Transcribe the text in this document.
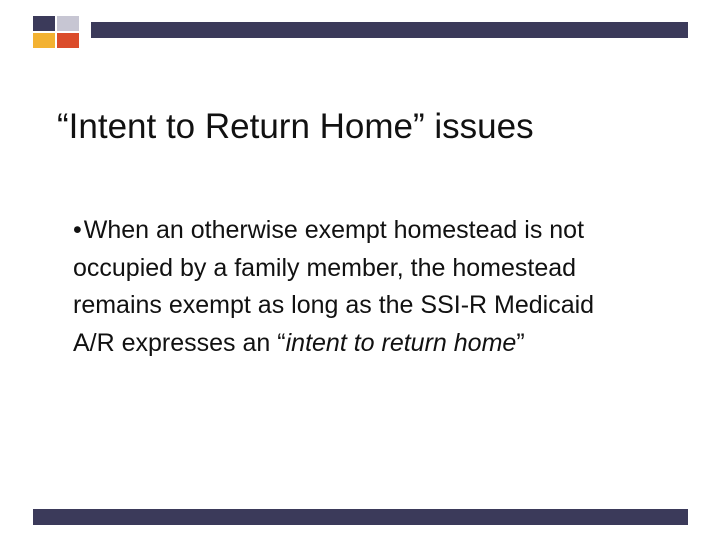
“Intent to Return Home” issues

•When an otherwise exempt homestead is not occupied by a family member, the homestead remains exempt as long as the SSI-R Medicaid A/R expresses an “intent to return home”
